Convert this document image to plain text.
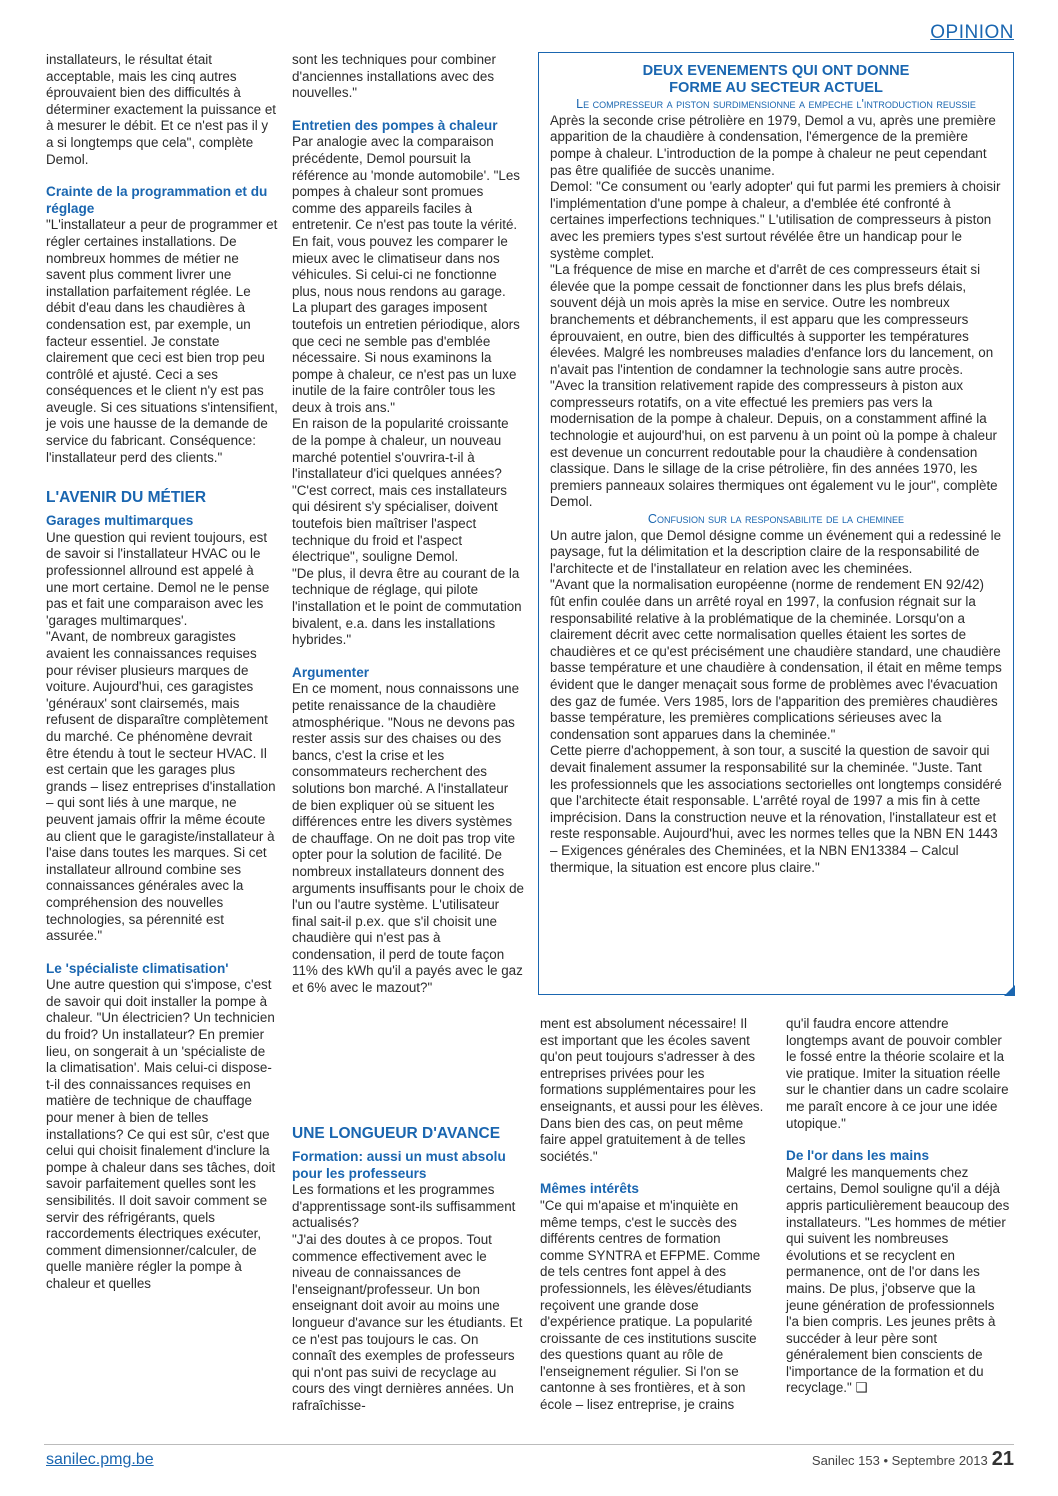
OPINION

installateurs, le résultat était acceptable, mais les cinq autres éprouvaient bien des difficultés à déterminer exactement la puissance et à mesurer le débit. Et ce n'est pas il y a si longtemps que cela", complète Demol.

Crainte de la programmation et du réglage

"L'installateur a peur de programmer et régler certaines installations. De nombreux hommes de métier ne savent plus comment livrer une installation parfaitement réglée. Le débit d'eau dans les chaudières à condensation est, par exemple, un facteur essentiel. Je constate clairement que ceci est bien trop peu contrôlé et ajusté. Ceci a ses conséquences et le client n'y est pas aveugle. Si ces situations s'intensifient, je vois une hausse de la demande de service du fabricant. Conséquence: l'installateur perd des clients."

L'AVENIR DU MÉTIER
Garages multimarques

Une question qui revient toujours, est de savoir si l'installateur HVAC ou le professionnel allround est appelé à une mort certaine. Demol ne le pense pas et fait une comparaison avec les 'garages multimarques'.

"Avant, de nombreux garagistes avaient les connaissances requises pour réviser plusieurs marques de voiture. Aujourd'hui, ces garagistes 'généraux' sont clairsemés, mais refusent de disparaître complètement du marché. Ce phénomène devrait être étendu à tout le secteur HVAC. Il est certain que les garages plus grands – lisez entreprises d'installation – qui sont liés à une marque, ne peuvent jamais offrir la même écoute au client que le garagiste/installateur à l'aise dans toutes les marques. Si cet installateur allround combine ses connaissances générales avec la compréhension des nouvelles technologies, sa pérennité est assurée."

Le 'spécialiste climatisation'

Une autre question qui s'impose, c'est de savoir qui doit installer la pompe à chaleur. "Un électricien? Un technicien du froid? Un installateur? En premier lieu, on songerait à un 'spécialiste de la climatisation'. Mais celui-ci dispose-t-il des connaissances requises en matière de technique de chauffage pour mener à bien de telles installations? Ce qui est sûr, c'est que celui qui choisit finalement d'inclure la pompe à chaleur dans ses tâches, doit savoir parfaitement quelles sont les sensibilités. Il doit savoir comment se servir des réfrigérants, quels raccordements électriques exécuter, comment dimensionner/calculer, de quelle manière régler la pompe à chaleur et quelles

sont les techniques pour combiner d'anciennes installations avec des nouvelles."

Entretien des pompes à chaleur

Par analogie avec la comparaison précédente, Demol poursuit la référence au 'monde automobile'. "Les pompes à chaleur sont promues comme des appareils faciles à entretenir. Ce n'est pas toute la vérité. En fait, vous pouvez les comparer le mieux avec le climatiseur dans nos véhicules. Si celui-ci ne fonctionne plus, nous nous rendons au garage. La plupart des garages imposent toutefois un entretien périodique, alors que ceci ne semble pas d'emblée nécessaire. Si nous examinons la pompe à chaleur, ce n'est pas un luxe inutile de la faire contrôler tous les deux à trois ans."

En raison de la popularité croissante de la pompe à chaleur, un nouveau marché potentiel s'ouvrira-t-il à l'installateur d'ici quelques années?

"C'est correct, mais ces installateurs qui désirent s'y spécialiser, doivent toutefois bien maîtriser l'aspect technique du froid et l'aspect électrique", souligne Demol.

"De plus, il devra être au courant de la technique de réglage, qui pilote l'installation et le point de commutation bivalent, e.a. dans les installations hybrides."

Argumenter

En ce moment, nous connaissons une petite renaissance de la chaudière atmosphérique. "Nous ne devons pas rester assis sur des chaises ou des bancs, c'est la crise et les consommateurs recherchent des solutions bon marché. A l'installateur de bien expliquer où se situent les différences entre les divers systèmes de chauffage. On ne doit pas trop vite opter pour la solution de facilité. De nombreux installateurs donnent des arguments insuffisants pour le choix de l'un ou l'autre système. L'utilisateur final sait-il p.ex. que s'il choisit une chaudière qui n'est pas à condensation, il perd de toute façon 11% des kWh qu'il a payés avec le gaz et 6% avec le mazout?"

UNE LONGUEUR D'AVANCE
Formation: aussi un must absolu pour les professeurs

Les formations et les programmes d'apprentissage sont-ils suffisamment actualisés?

"J'ai des doutes à ce propos. Tout commence effectivement avec le niveau de connaissances de l'enseignant/professeur. Un bon enseignant doit avoir au moins une longueur d'avance sur les étudiants. Et ce n'est pas toujours le cas. On connaît des exemples de professeurs qui n'ont pas suivi de recyclage au cours des vingt dernières années. Un rafraîchisse-

DEUX EVENEMENTS QUI ONT DONNE
FORME AU SECTEUR ACTUEL
Le compresseur a piston surdimensionne a empeche l'introduction reussie

Après la seconde crise pétrolière en 1979, Demol a vu, après une première apparition de la chaudière à condensation, l'émergence de la première pompe à chaleur. L'introduction de la pompe à chaleur ne peut cependant pas être qualifiée de succès unanime.

Demol: "Ce consument ou 'early adopter' qui fut parmi les premiers à choisir l'implémentation d'une pompe à chaleur, a d'emblée été confronté à certaines imperfections techniques." L'utilisation de compresseurs à piston avec les premiers types s'est surtout révélée être un handicap pour le système complet.

"La fréquence de mise en marche et d'arrêt de ces compresseurs était si élevée que la pompe cessait de fonctionner dans les plus brefs délais, souvent déjà un mois après la mise en service. Outre les nombreux branchements et débranchements, il est apparu que les compresseurs éprouvaient, en outre, bien des difficultés à supporter les températures élevées. Malgré les nombreuses maladies d'enfance lors du lancement, on n'avait pas l'intention de condamner la technologie sans autre procès.

"Avec la transition relativement rapide des compresseurs à piston aux compresseurs rotatifs, on a vite effectué les premiers pas vers la modernisation de la pompe à chaleur. Depuis, on a constamment affiné la technologie et aujourd'hui, on est parvenu à un point où la pompe à chaleur est devenue un concurrent redoutable pour la chaudière à condensation classique. Dans le sillage de la crise pétrolière, fin des années 1970, les premiers panneaux solaires thermiques ont également vu le jour", complète Demol.

Confusion sur la responsabilite de la cheminee

Un autre jalon, que Demol désigne comme un événement qui a redessiné le paysage, fut la délimitation et la description claire de la responsabilité de l'architecte et de l'installateur en relation avec les cheminées.

"Avant que la normalisation européenne (norme de rendement EN 92/42) fût enfin coulée dans un arrêté royal en 1997, la confusion régnait sur la responsabilité relative à la problématique de la cheminée. Lorsqu'on a clairement décrit avec cette normalisation quelles étaient les sortes de chaudières et ce qu'est précisément une chaudière standard, une chaudière basse température et une chaudière à condensation, il était en même temps évident que le danger menaçait sous forme de problèmes avec l'évacuation des gaz de fumée. Vers 1985, lors de l'apparition des premières chaudières basse température, les premières complications sérieuses avec la condensation sont apparues dans la cheminée."

Cette pierre d'achoppement, à son tour, a suscité la question de savoir qui devait finalement assumer la responsabilité sur la cheminée. "Juste. Tant les professionnels que les associations sectorielles ont longtemps considéré que l'architecte était responsable. L'arrêté royal de 1997 a mis fin à cette imprécision. Dans la construction neuve et la rénovation, l'installateur est et reste responsable. Aujourd'hui, avec les normes telles que la NBN EN 1443 – Exigences générales des Cheminées, et la NBN EN13384 – Calcul thermique, la situation est encore plus claire."

ment est absolument nécessaire! Il est important que les écoles savent qu'on peut toujours s'adresser à des entreprises privées pour les formations supplémentaires pour les enseignants, et aussi pour les élèves. Dans bien des cas, on peut même faire appel gratuitement à de telles sociétés."

Mêmes intérêts

"Ce qui m'apaise et m'inquiète en même temps, c'est le succès des différents centres de formation comme SYNTRA et EFPME. Comme de tels centres font appel à des professionnels, les élèves/étudiants reçoivent une grande dose d'expérience pratique. La popularité croissante de ces institutions suscite des questions quant au rôle de l'enseignement régulier. Si l'on se cantonne à ses frontières, et à son école – lisez entreprise, je crains

qu'il faudra encore attendre longtemps avant de pouvoir combler le fossé entre la théorie scolaire et la vie pratique. Imiter la situation réelle sur le chantier dans un cadre scolaire me paraît encore à ce jour une idée utopique."

De l'or dans les mains

Malgré les manquements chez certains, Demol souligne qu'il a déjà appris particulièrement beaucoup des installateurs. "Les hommes de métier qui suivent les nombreuses évolutions et se recyclent en permanence, ont de l'or dans les mains. De plus, j'observe que la jeune génération de professionnels l'a bien compris. Les jeunes prêts à succéder à leur père sont généralement bien conscients de l'importance de la formation et du recyclage." ❑

sanilec.pmg.be	Sanilec 153 • Septembre 2013 21
